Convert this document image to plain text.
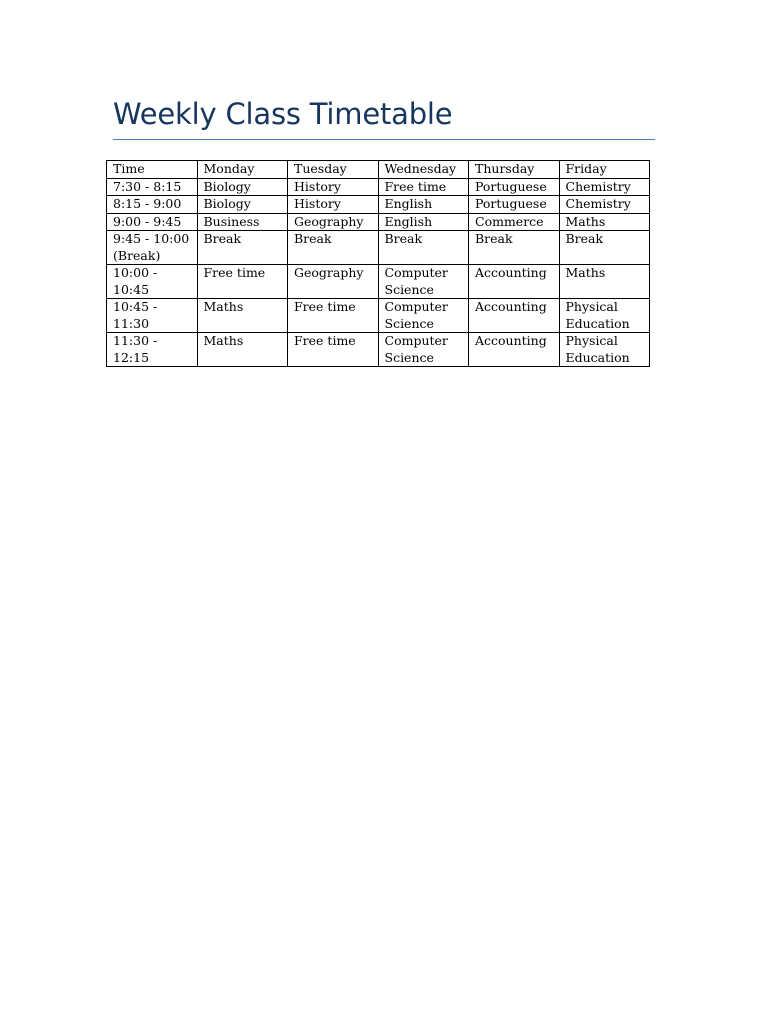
Weekly Class Timetable
Time	Monday	Tuesday	Wednesday	Thursday	Friday
7:30 - 8:15	Biology	History	Free time	Portuguese	Chemistry
8:15 - 9:00	Biology	History	English	Portuguese	Chemistry
9:00 - 9:45	Business	Geography	English	Commerce	Maths
9:45 - 10:00 (Break)	Break	Break	Break	Break	Break
10:00 - 10:45	Free time	Geography	Computer Science	Accounting	Maths
10:45 - 11:30	Maths	Free time	Computer Science	Accounting	Physical Education
11:30 - 12:15	Maths	Free time	Computer Science	Accounting	Physical Education
